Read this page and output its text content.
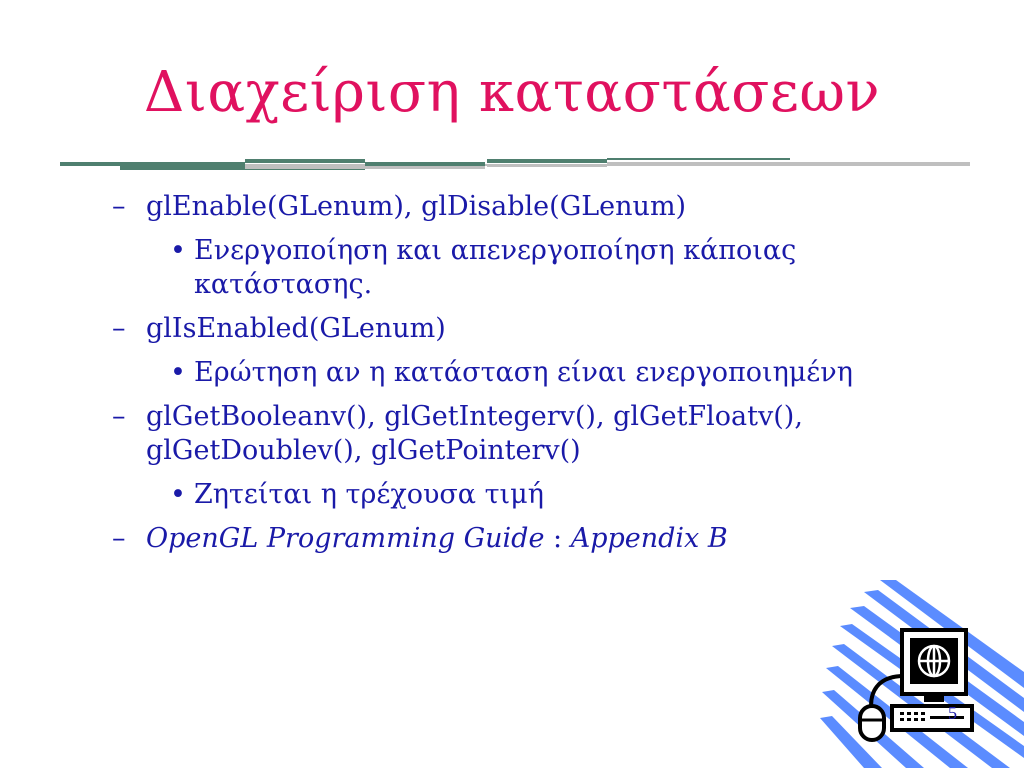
Διαχείριση καταστάσεων
– glEnable(GLenum), glDisable(GLenum)
• Ενεργοποίηση και απενεργοποίηση κάποιας κατάστασης.
– glIsEnabled(GLenum)
• Ερώτηση αν η κατάσταση είναι ενεργοποιημένη
– glGetBooleanv(), glGetIntegerv(), glGetFloatv(), glGetDoublev(), glGetPointerv()
• Ζητείται η τρέχουσα τιμή
– OpenGL Programming Guide : Appendix B
5
